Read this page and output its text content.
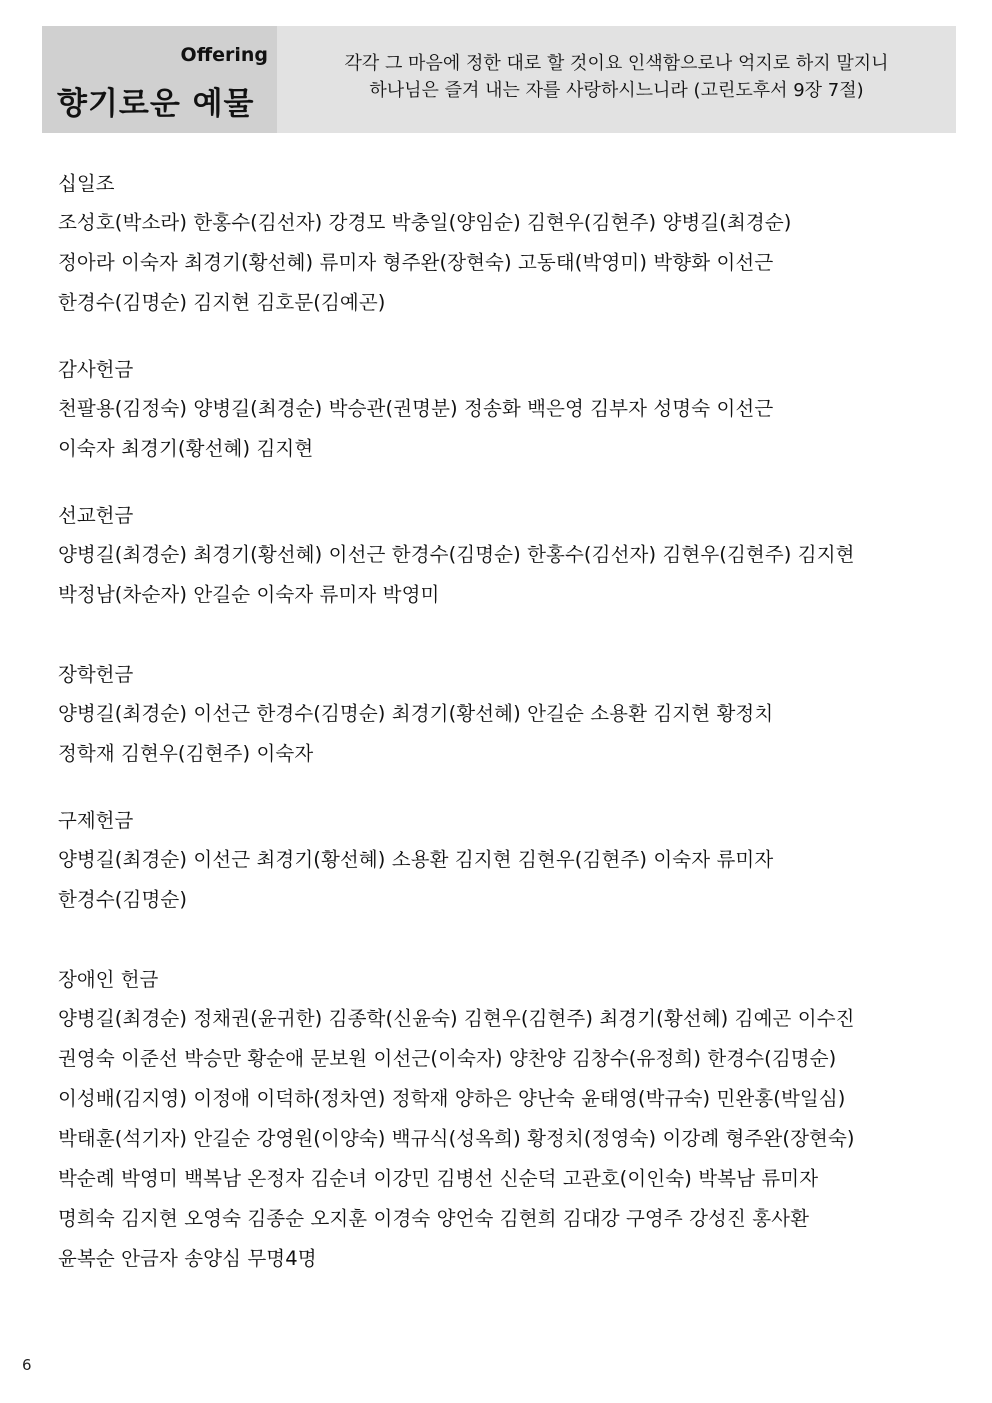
Offering
향기로운 예물
각각 그 마음에 정한 대로 할 것이요 인색함으로나 억지로 하지 말지니
하나님은 즐겨 내는 자를 사랑하시느니라 (고린도후서 9장 7절)
십일조
조성호(박소라) 한홍수(김선자) 강경모 박충일(양임순) 김현우(김현주) 양병길(최경순)
정아라 이숙자 최경기(황선혜) 류미자 형주완(장현숙) 고동태(박영미) 박향화 이선근
한경수(김명순) 김지현 김호문(김예곤)
감사헌금
천팔용(김정숙) 양병길(최경순) 박승관(권명분) 정송화 백은영 김부자 성명숙 이선근
이숙자 최경기(황선혜) 김지현
선교헌금
양병길(최경순) 최경기(황선혜) 이선근 한경수(김명순) 한홍수(김선자) 김현우(김현주) 김지현
박정남(차순자) 안길순 이숙자 류미자 박영미
장학헌금
양병길(최경순) 이선근 한경수(김명순) 최경기(황선혜) 안길순 소용환 김지현 황정치
정학재 김현우(김현주) 이숙자
구제헌금
양병길(최경순) 이선근 최경기(황선혜) 소용환 김지현 김현우(김현주) 이숙자 류미자
한경수(김명순)
장애인 헌금
양병길(최경순) 정채권(윤귀한) 김종학(신윤숙) 김현우(김현주) 최경기(황선혜) 김예곤 이수진
권영숙 이준선 박승만 황순애 문보원 이선근(이숙자) 양찬양 김창수(유정희) 한경수(김명순)
이성배(김지영) 이정애 이덕하(정차연) 정학재 양하은 양난숙 윤태영(박규숙) 민완홍(박일심)
박태훈(석기자) 안길순 강영원(이양숙) 백규식(성옥희) 황정치(정영숙) 이강례 형주완(장현숙)
박순례 박영미 백복남 온정자 김순녀 이강민 김병선 신순덕 고관호(이인숙) 박복남 류미자
명희숙 김지현 오영숙 김종순 오지훈 이경숙 양언숙 김현희 김대강 구영주 강성진 홍사환
윤복순 안금자 송양심 무명4명
6
